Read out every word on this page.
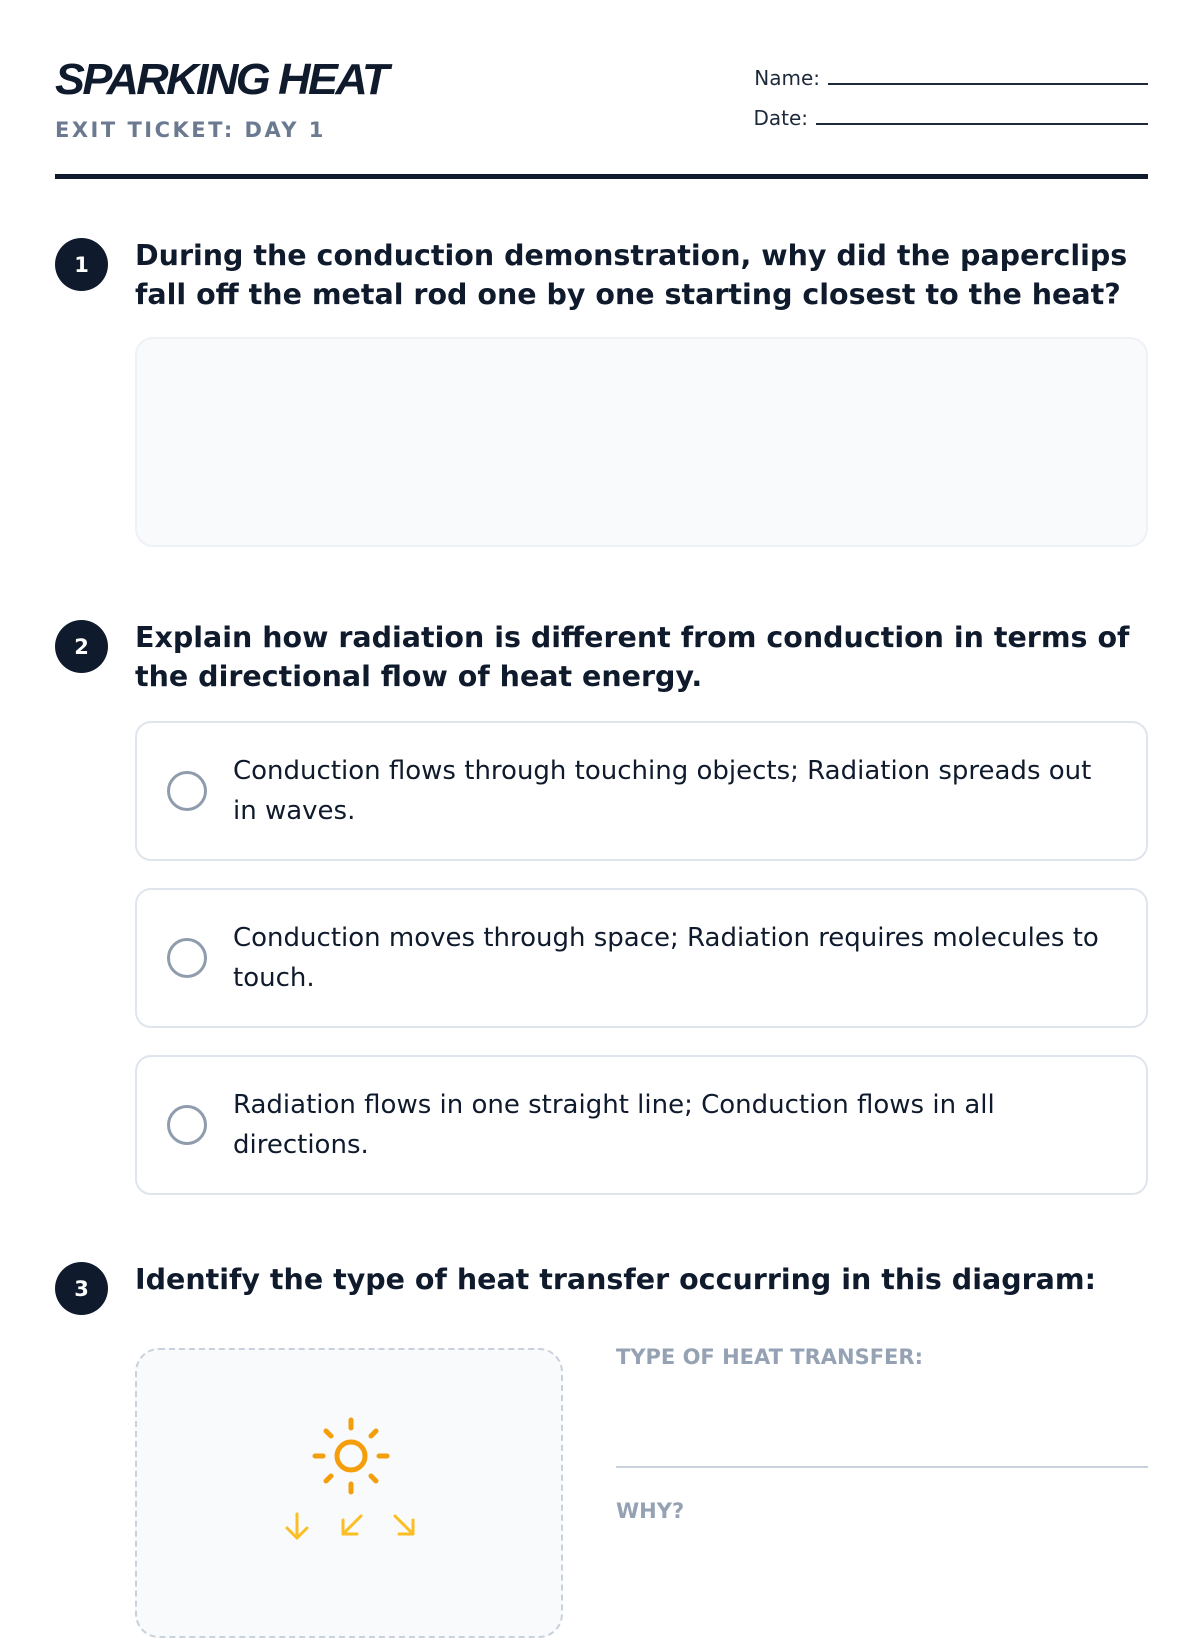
SPARKING HEAT
EXIT TICKET: DAY 1
Name:
Date:
1	During the conduction demonstration, why did the paperclips fall off the metal rod one by one starting closest to the heat?
2	Explain how radiation is different from conduction in terms of the directional flow of heat energy.
Conduction flows through touching objects; Radiation spreads out in waves.
Conduction moves through space; Radiation requires molecules to touch.
Radiation flows in one straight line; Conduction flows in all directions.
3	Identify the type of heat transfer occurring in this diagram:
TYPE OF HEAT TRANSFER:
WHY?
